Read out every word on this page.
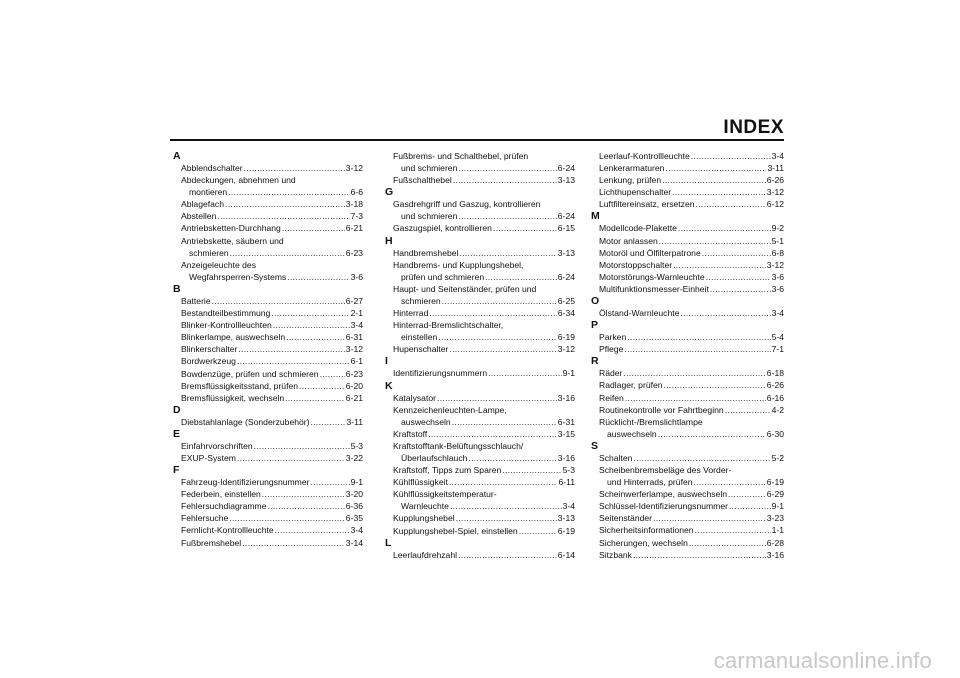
INDEX
A
Abblendschalter .....	3-12
Abdeckungen, abnehmen und
montieren .....	6-6
Ablagefach .....	3-18
Abstellen .....	7-3
Antriebsketten-Durchhang .....	6-21
Antriebskette, säubern und
schmieren .....	6-23
Anzeigeleuchte des
Wegfahrsperren-Systems .....	3-6
B
Batterie .....	6-27
Bestandteilbestimmung .....	2-1
Blinker-Kontrollleuchten .....	3-4
Blinkerlampe, auswechseln .....	6-31
Blinkerschalter .....	3-12
Bordwerkzeug .....	6-1
Bowdenzüge, prüfen und schmieren .....	6-23
Bremsflüssigkeitsstand, prüfen .....	6-20
Bremsflüssigkeit, wechseln .....	6-21
D
Diebstahlanlage (Sonderzubehör) .....	3-11
E
Einfahrvorschriften .....	5-3
EXUP-System .....	3-22
F
Fahrzeug-Identifizierungsnummer .....	9-1
Federbein, einstellen .....	3-20
Fehlersuchdiagramme .....	6-36
Fehlersuche .....	6-35
Fernlicht-Kontrollleuchte .....	3-4
Fußbremshebel .....	3-14
Fußbrems- und Schalthebel, prüfen
und schmieren .....	6-24
Fußschalthebel .....	3-13
G
Gasdrehgriff und Gaszug, kontrollieren
und schmieren .....	6-24
Gaszugspiel, kontrollieren .....	6-15
H
Handbremshebel .....	3-13
Handbrems- und Kupplungshebel,
prüfen und schmieren .....	6-24
Haupt- und Seitenständer, prüfen und
schmieren .....	6-25
Hinterrad .....	6-34
Hinterrad-Bremslichtschalter,
einstellen .....	6-19
Hupenschalter .....	3-12
I
Identifizierungsnummern .....	9-1
K
Katalysator .....	3-16
Kennzeichenleuchten-Lampe,
auswechseln .....	6-31
Kraftstoff .....	3-15
Kraftstofftank-Belüftungsschlauch/
Überlaufschlauch .....	3-16
Kraftstoff, Tipps zum Sparen .....	5-3
Kühlflüssigkeit .....	6-11
Kühlflüssigkeitstemperatur-
Warnleuchte .....	3-4
Kupplungshebel .....	3-13
Kupplungshebel-Spiel, einstellen .....	6-19
L
Leerlaufdrehzahl .....	6-14
Leerlauf-Kontrollleuchte .....	3-4
Lenkerarmaturen .....	3-11
Lenkung, prüfen .....	6-26
Lichthupenschalter .....	3-12
Luftfiltereinsatz, ersetzen .....	6-12
M
Modellcode-Plakette .....	9-2
Motor anlassen .....	5-1
Motoröl und Ölfilterpatrone .....	6-8
Motorstoppschalter .....	3-12
Motorstörungs-Warnleuchte .....	3-6
Multifunktionsmesser-Einheit .....	3-6
O
Ölstand-Warnleuchte .....	3-4
P
Parken .....	5-4
Pflege .....	7-1
R
Räder .....	6-18
Radlager, prüfen .....	6-26
Reifen .....	6-16
Routinekontrolle vor Fahrtbeginn .....	4-2
Rücklicht-/Bremslichtlampe
auswechseln .....	6-30
S
Schalten .....	5-2
Scheibenbremsbeläge des Vorder-
und Hinterrads, prüfen .....	6-19
Scheinwerferlampe, auswechseln .....	6-29
Schlüssel-Identifizierungsnummer .....	9-1
Seitenständer .....	3-23
Sicherheitsinformationen .....	1-1
Sicherungen, wechseln .....	6-28
Sitzbank .....	3-16
carmanualsonline.info
